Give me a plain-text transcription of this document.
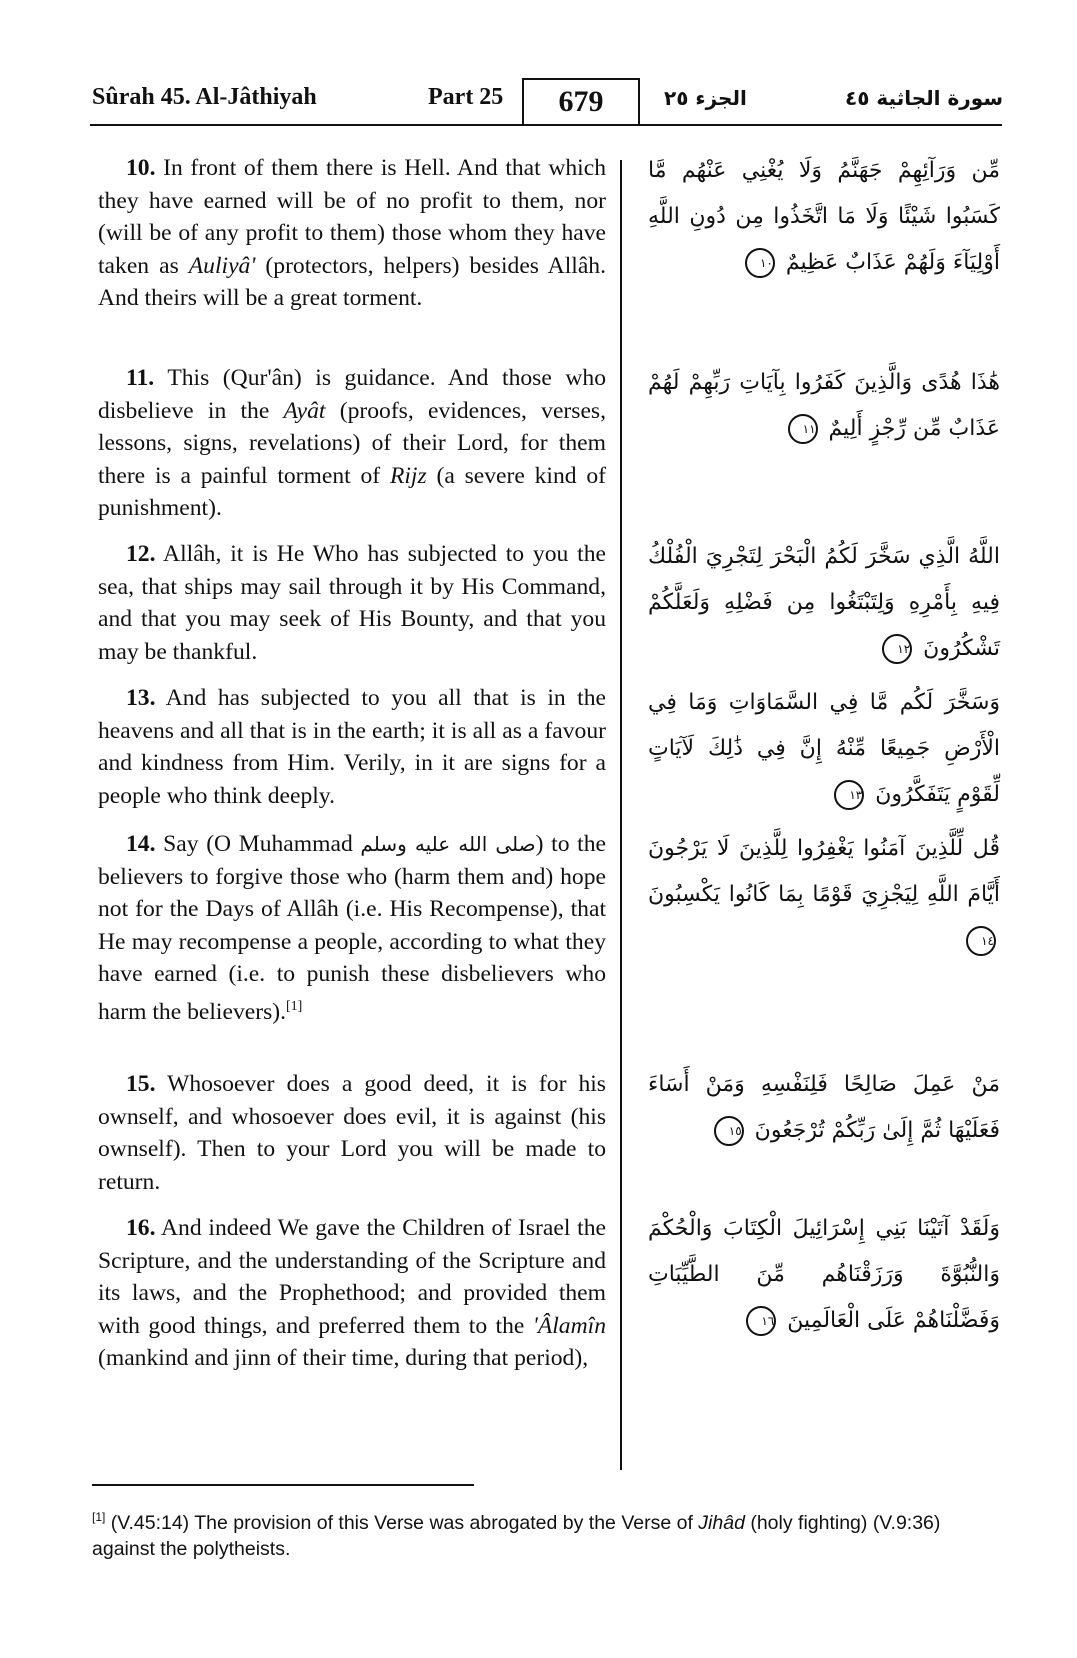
Sûrah 45. Al-Jâthiyah	Part 25 679	الجزء ٢٥	سورة الجاثية ٤٥
10. In front of them there is Hell. And that which they have earned will be of no profit to them, nor (will be of any profit to them) those whom they have taken as Auliyâ' (protectors, helpers) besides Allâh. And theirs will be a great torment.
مِّن وَرَآئِهِمْ جَهَنَّمُ وَلَا يُغْنِي عَنْهُم مَّا كَسَبُوا شَيْئًا وَلَا مَا اتَّخَذُوا مِن دُونِ اللَّهِ أَوْلِيَآءَ وَلَهُمْ عَذَابٌ عَظِيمٌ ١٠
11. This (Qur'ân) is guidance. And those who disbelieve in the Ayât (proofs, evidences, verses, lessons, signs, revelations) of their Lord, for them there is a painful torment of Rijz (a severe kind of punishment).
هَٰذَا هُدًى وَالَّذِينَ كَفَرُوا بِآيَاتِ رَبِّهِمْ لَهُمْ عَذَابٌ مِّن رِّجْزٍ أَلِيمٌ ١١
12. Allâh, it is He Who has subjected to you the sea, that ships may sail through it by His Command, and that you may seek of His Bounty, and that you may be thankful.
اللَّهُ الَّذِي سَخَّرَ لَكُمُ الْبَحْرَ لِتَجْرِيَ الْفُلْكُ فِيهِ بِأَمْرِهِ وَلِتَبْتَغُوا مِن فَضْلِهِ وَلَعَلَّكُمْ تَشْكُرُونَ ١٢
13. And has subjected to you all that is in the heavens and all that is in the earth; it is all as a favour and kindness from Him. Verily, in it are signs for a people who think deeply.
وَسَخَّرَ لَكُم مَّا فِي السَّمَاوَاتِ وَمَا فِي الْأَرْضِ جَمِيعًا مِّنْهُ إِنَّ فِي ذَٰلِكَ لَآيَاتٍ لِّقَوْمٍ يَتَفَكَّرُونَ ١٣
14. Say (O Muhammad صلى الله عليه وسلم) to the believers to forgive those who (harm them and) hope not for the Days of Allâh (i.e. His Recompense), that He may recompense a people, according to what they have earned (i.e. to punish these disbelievers who harm the believers).[1]
قُل لِّلَّذِينَ آمَنُوا يَغْفِرُوا لِلَّذِينَ لَا يَرْجُونَ أَيَّامَ اللَّهِ لِيَجْزِيَ قَوْمًا بِمَا كَانُوا يَكْسِبُونَ ١٤
15. Whosoever does a good deed, it is for his ownself, and whosoever does evil, it is against (his ownself). Then to your Lord you will be made to return.
مَنْ عَمِلَ صَالِحًا فَلِنَفْسِهِ وَمَنْ أَسَاءَ فَعَلَيْهَا ثُمَّ إِلَىٰ رَبِّكُمْ تُرْجَعُونَ ١٥
16. And indeed We gave the Children of Israel the Scripture, and the understanding of the Scripture and its laws, and the Prophethood; and provided them with good things, and preferred them to the 'Âlamîn (mankind and jinn of their time, during that period),
وَلَقَدْ آتَيْنَا بَنِي إِسْرَائِيلَ الْكِتَابَ وَالْحُكْمَ وَالنُّبُوَّةَ وَرَزَقْنَاهُم مِّنَ الطَّيِّبَاتِ وَفَضَّلْنَاهُمْ عَلَى الْعَالَمِينَ ١٦
[1] (V.45:14) The provision of this Verse was abrogated by the Verse of Jihâd (holy fighting) (V.9:36) against the polytheists.
